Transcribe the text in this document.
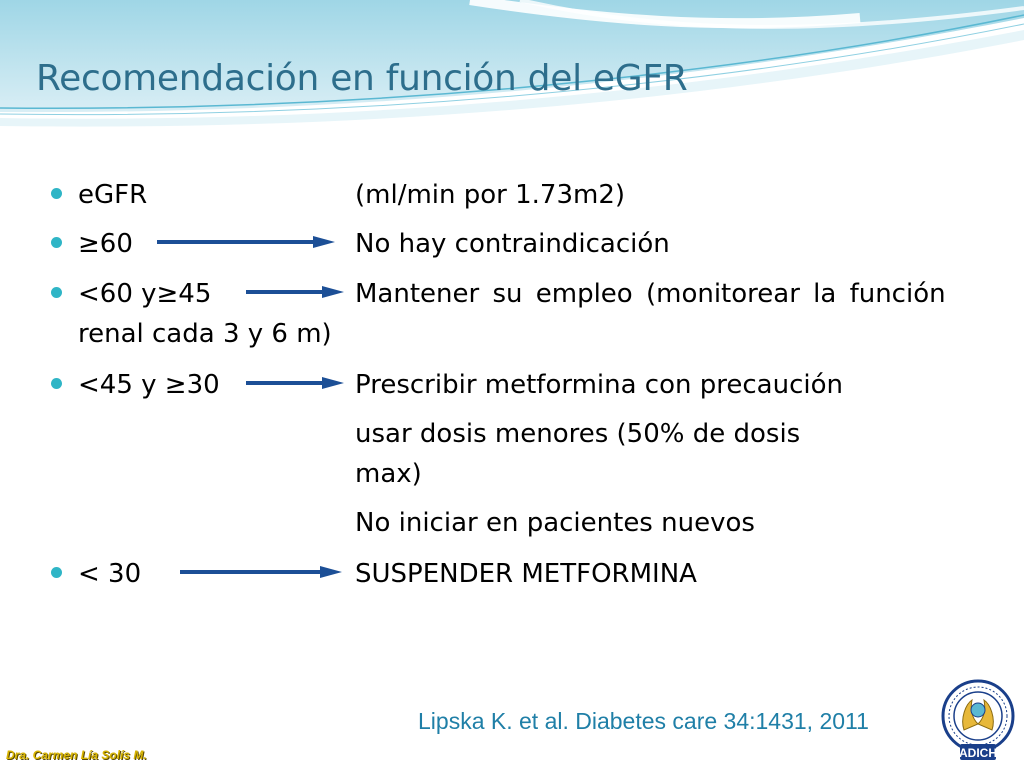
Recomendación en función del eGFR
eGFR	(ml/min por 1.73m2)
≥60	No hay contraindicación
<60 y≥45	Mantener su empleo (monitorear la función
renal cada 3 y 6 m)
<45 y ≥30	Prescribir metformina con precaución
usar dosis menores (50% de dosis
max)
No iniciar en pacientes nuevos
< 30	SUSPENDER METFORMINA
Lipska K. et al. Diabetes care 34:1431, 2011
Dra. Carmen Lía Solís M.	ADICH
